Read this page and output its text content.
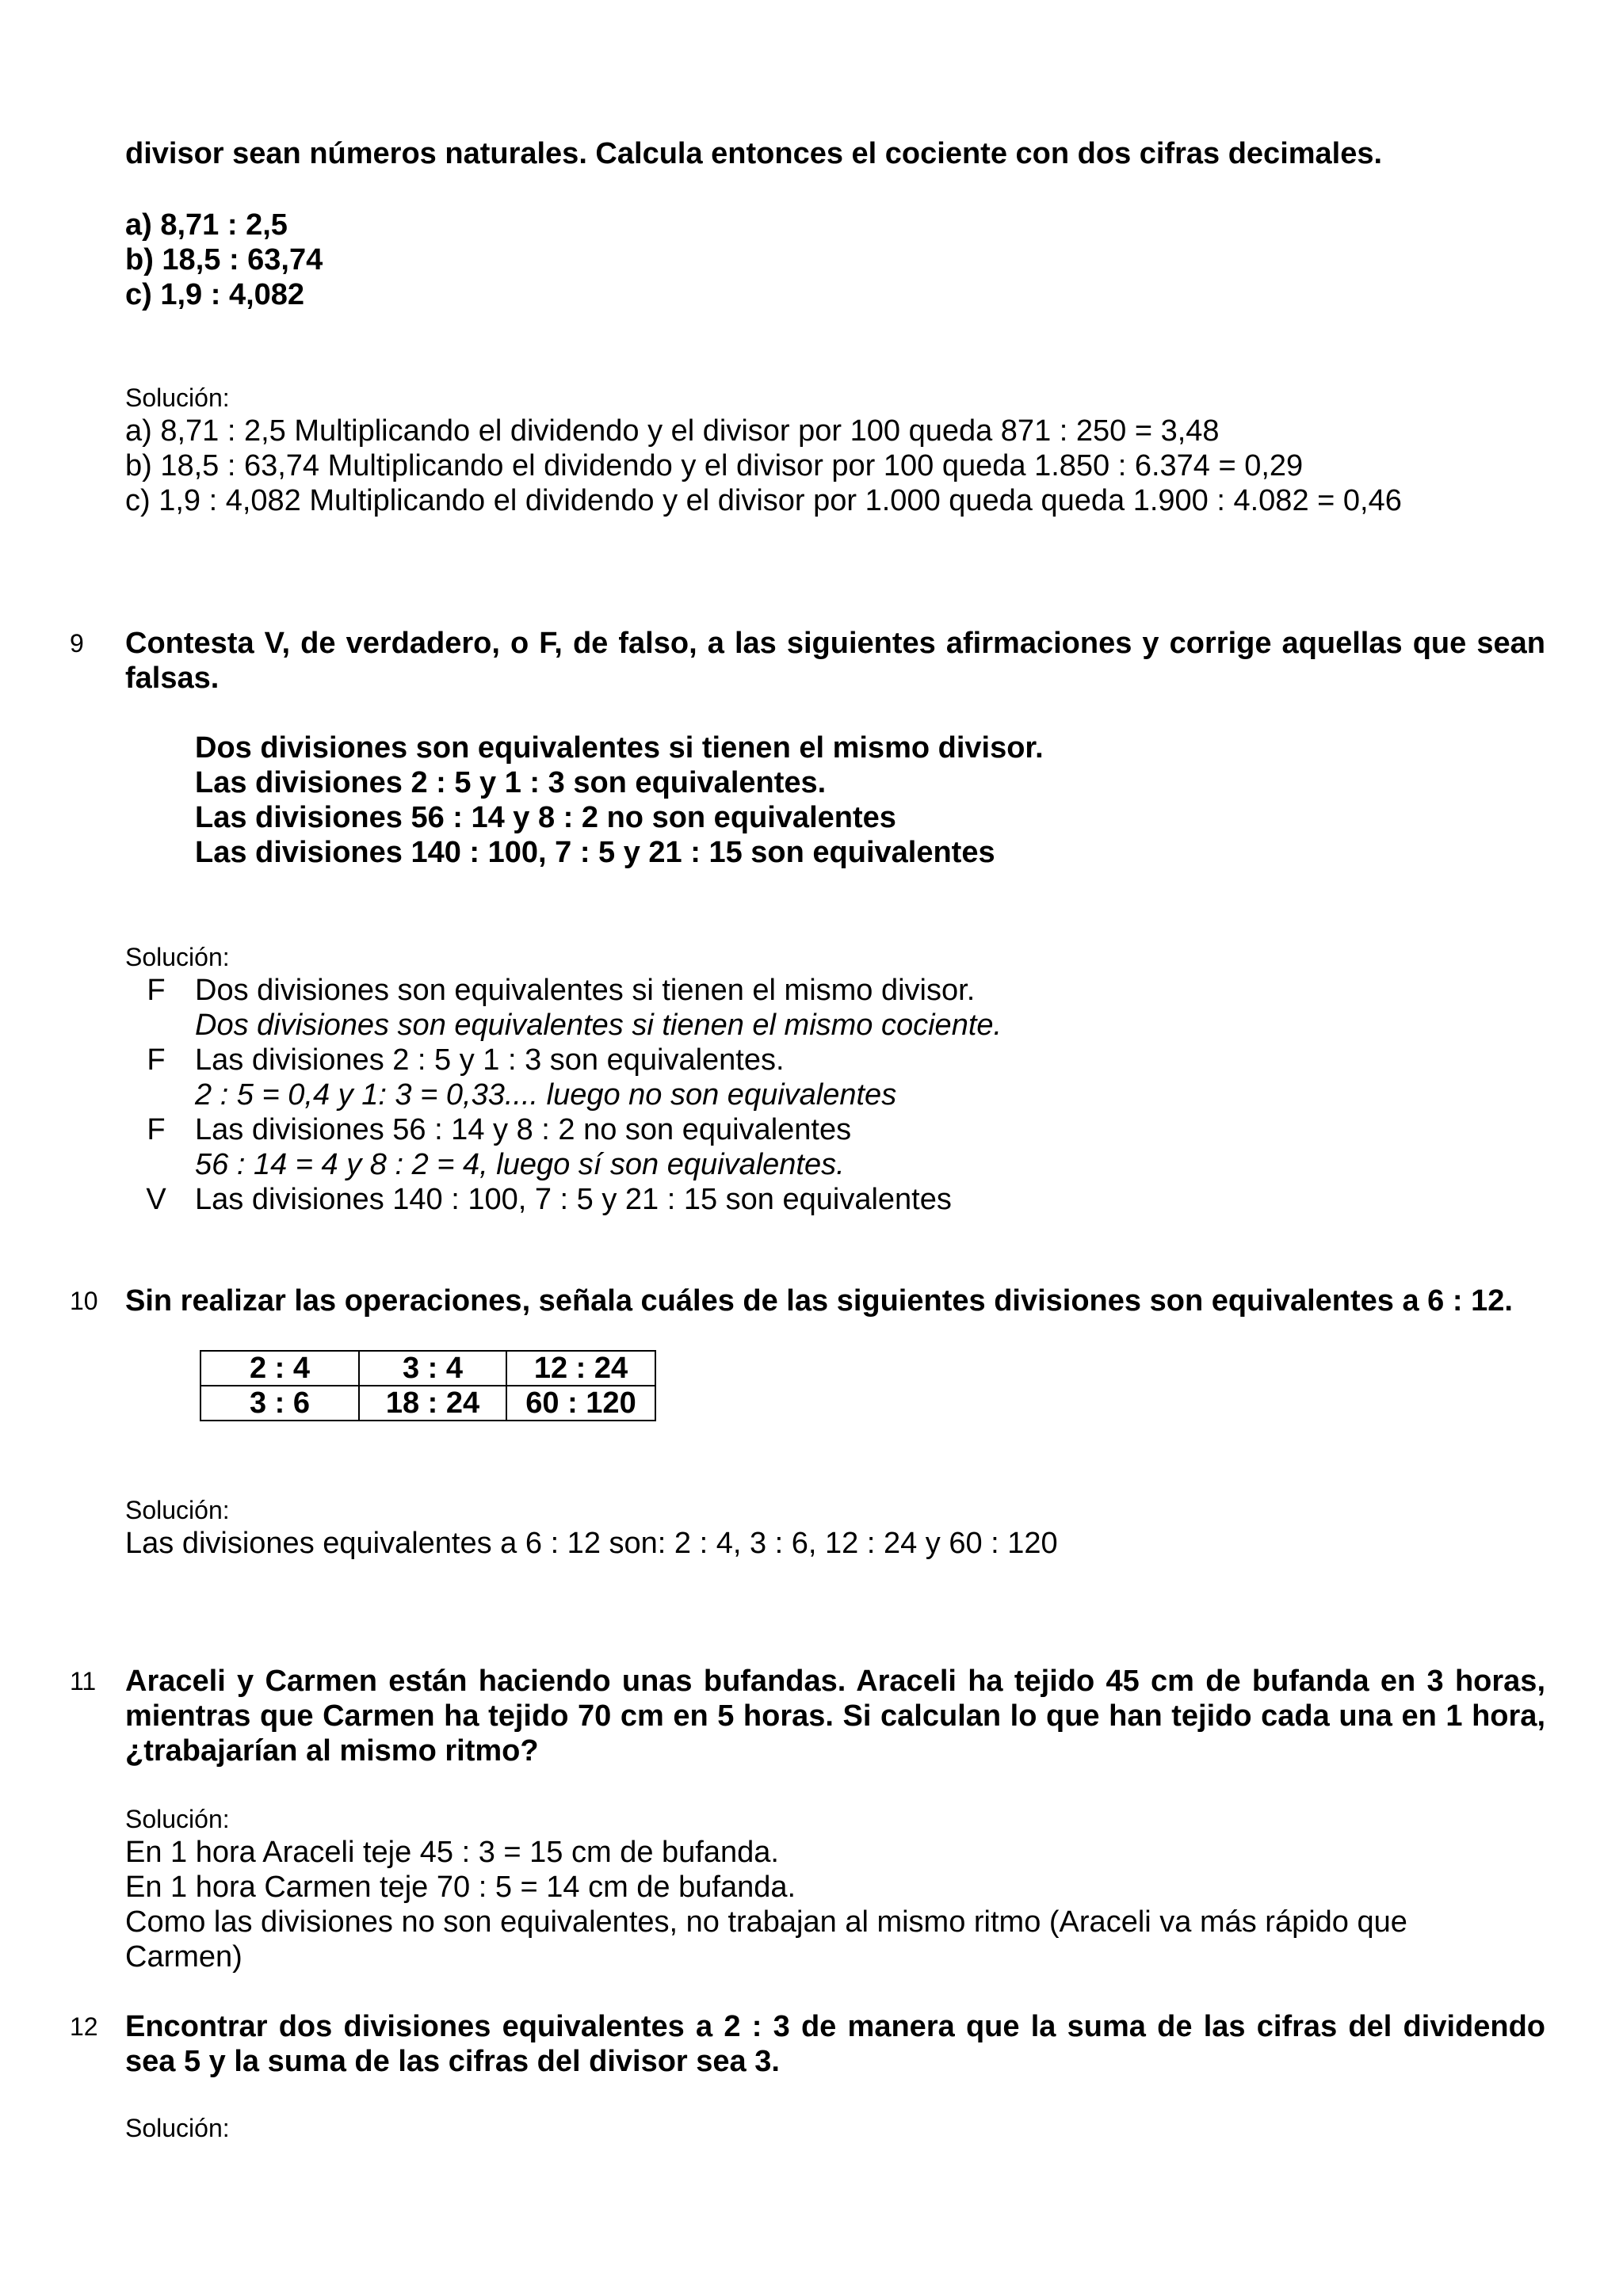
divisor sean números naturales. Calcula entonces el cociente con dos cifras decimales.
a) 8,71 : 2,5
b) 18,5 : 63,74
c) 1,9 : 4,082
Solución:
a) 8,71 : 2,5 Multiplicando el dividendo y el divisor por 100 queda 871 : 250 = 3,48
b) 18,5 : 63,74 Multiplicando el dividendo y el divisor por 100 queda 1.850 : 6.374 = 0,29
c) 1,9 : 4,082 Multiplicando el dividendo y el divisor por 1.000 queda queda 1.900 : 4.082 = 0,46
9 Contesta V, de verdadero, o F, de falso, a las siguientes afirmaciones y corrige aquellas que sean falsas.
Dos divisiones son equivalentes si tienen el mismo divisor.
Las divisiones 2 : 5 y 1 : 3 son equivalentes.
Las divisiones 56 : 14 y 8 : 2 no son equivalentes
Las divisiones 140 : 100, 7 : 5 y 21 : 15 son equivalentes
Solución:
F Dos divisiones son equivalentes si tienen el mismo divisor.
Dos divisiones son equivalentes si tienen el mismo cociente.
F Las divisiones 2 : 5 y 1 : 3 son equivalentes.
2 : 5 = 0,4 y 1: 3 = 0,33.... luego no son equivalentes
F Las divisiones 56 : 14 y 8 : 2 no son equivalentes
56 : 14 = 4 y 8 : 2 = 4, luego sí son equivalentes.
V Las divisiones 140 : 100, 7 : 5 y 21 : 15 son equivalentes
10 Sin realizar las operaciones, señala cuáles de las siguientes divisiones son equivalentes a 6 : 12.
2 : 4	3 : 4	12 : 24
3 : 6	18 : 24	60 : 120
Solución:
Las divisiones equivalentes a 6 : 12 son: 2 : 4, 3 : 6, 12 : 24 y 60 : 120
11 Araceli y Carmen están haciendo unas bufandas. Araceli ha tejido 45 cm de bufanda en 3 horas, mientras que Carmen ha tejido 70 cm en 5 horas. Si calculan lo que han tejido cada una en 1 hora, ¿trabajarían al mismo ritmo?
Solución:
En 1 hora Araceli teje 45 : 3 = 15 cm de bufanda.
En 1 hora Carmen teje 70 : 5 = 14 cm de bufanda.
Como las divisiones no son equivalentes, no trabajan al mismo ritmo (Araceli va más rápido que Carmen)
12 Encontrar dos divisiones equivalentes a 2 : 3 de manera que la suma de las cifras del dividendo sea 5 y la suma de las cifras del divisor sea 3.
Solución:
